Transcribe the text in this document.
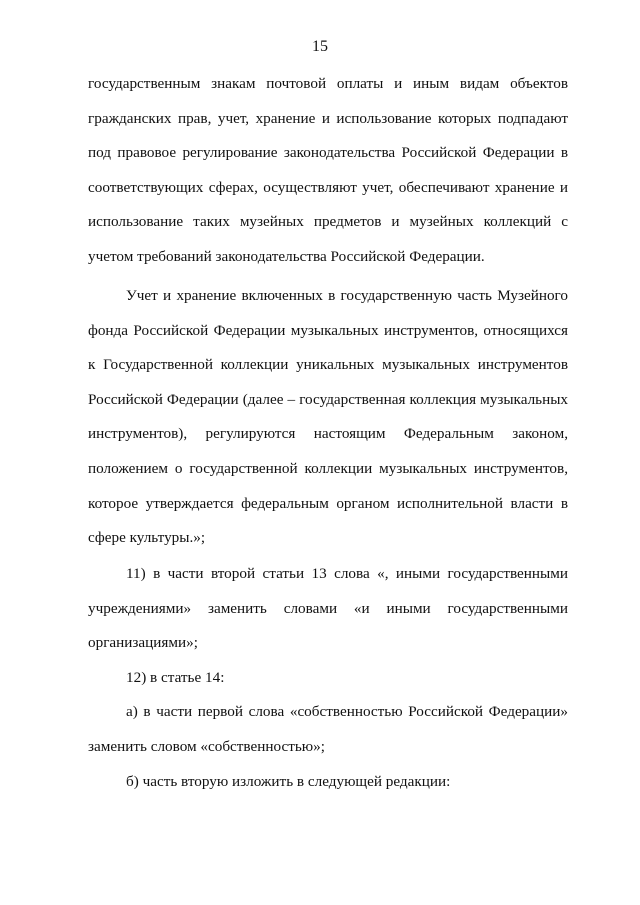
15
государственным знакам почтовой оплаты и иным видам объектов гражданских прав, учет, хранение и использование которых подпадают под правовое регулирование законодательства Российской Федерации в соответствующих сферах, осуществляют учет, обеспечивают хранение и использование таких музейных предметов и музейных коллекций с учетом требований законодательства Российской Федерации.
Учет и хранение включенных в государственную часть Музейного фонда Российской Федерации музыкальных инструментов, относящихся к Государственной коллекции уникальных музыкальных инструментов Российской Федерации (далее – государственная коллекция музыкальных инструментов), регулируются настоящим Федеральным законом, положением о государственной коллекции музыкальных инструментов, которое утверждается федеральным органом исполнительной власти в сфере культуры.»;
11) в части второй статьи 13 слова «, иными государственными учреждениями» заменить словами «и иными государственными организациями»;
12) в статье 14:
а) в части первой слова «собственностью Российской Федерации» заменить словом «собственностью»;
б) часть вторую изложить в следующей редакции:
